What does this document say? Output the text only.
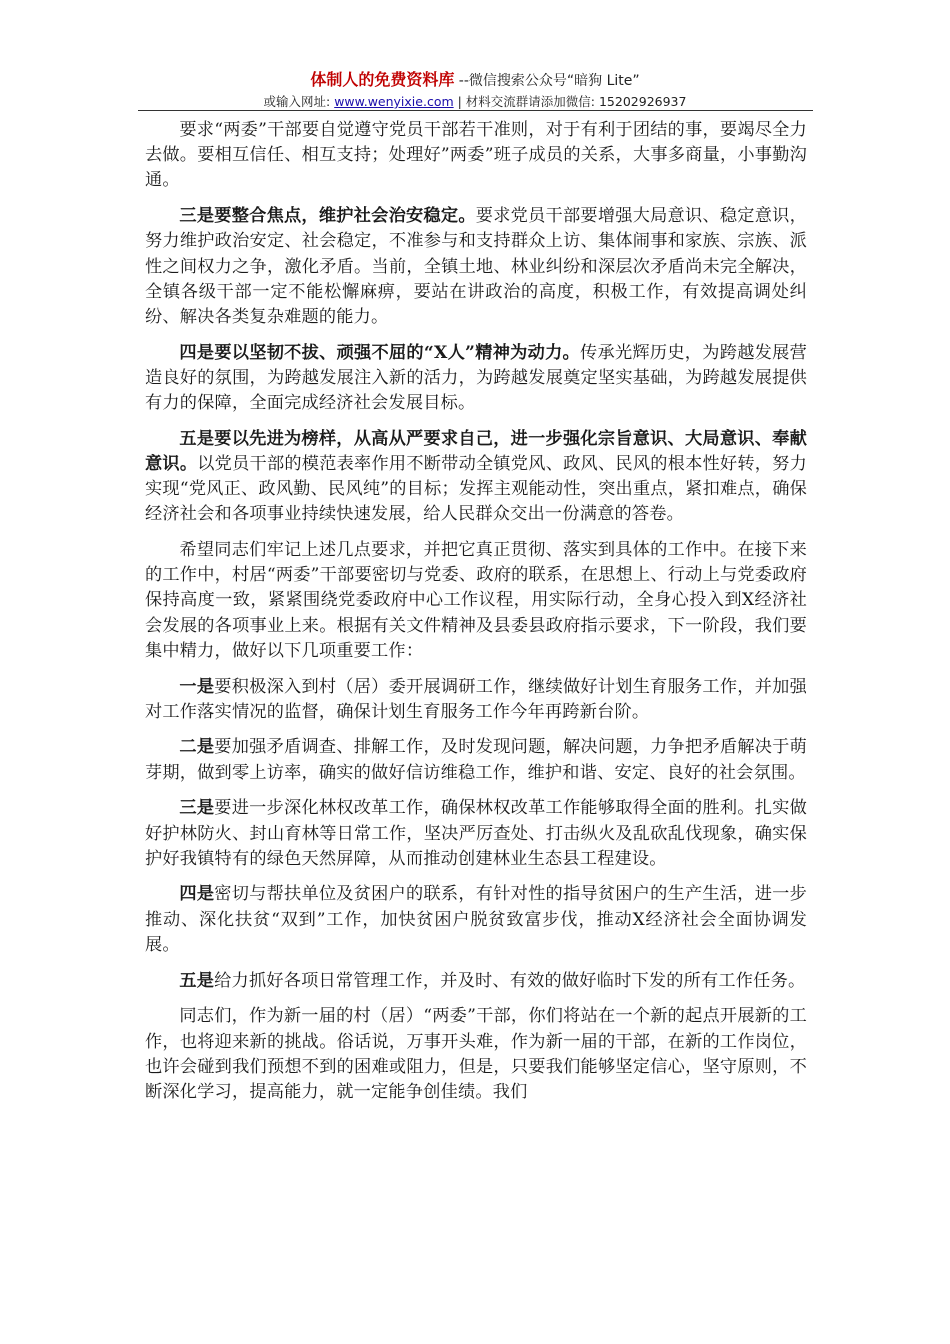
体制人的免费资料库 --微信搜索公众号“暗狗 Lite”
或输入网址: www.wenyixie.com | 材料交流群请添加微信: 15202926937

要求“两委”干部要自觉遵守党员干部若干准则，对于有利于团结的事，要竭尽全力去做。要相互信任、相互支持；处理好”两委”班子成员的关系，大事多商量，小事勤沟通。

三是要整合焦点，维护社会治安稳定。要求党员干部要增强大局意识、稳定意识，努力维护政治安定、社会稳定，不准参与和支持群众上访、集体闹事和家族、宗族、派性之间权力之争，激化矛盾。当前，全镇土地、林业纠纷和深层次矛盾尚未完全解决，全镇各级干部一定不能松懈麻痹，要站在讲政治的高度，积极工作，有效提高调处纠纷、解决各类复杂难题的能力。

四是要以坚韧不拔、顽强不屈的“X人”精神为动力。传承光辉历史，为跨越发展营造良好的氛围，为跨越发展注入新的活力，为跨越发展奠定坚实基础，为跨越发展提供有力的保障，全面完成经济社会发展目标。

五是要以先进为榜样，从高从严要求自己，进一步强化宗旨意识、大局意识、奉献意识。以党员干部的模范表率作用不断带动全镇党风、政风、民风的根本性好转，努力实现“党风正、政风勤、民风纯”的目标；发挥主观能动性，突出重点，紧扣难点，确保经济社会和各项事业持续快速发展，给人民群众交出一份满意的答卷。

希望同志们牢记上述几点要求，并把它真正贯彻、落实到具体的工作中。在接下来的工作中，村居“两委”干部要密切与党委、政府的联系，在思想上、行动上与党委政府保持高度一致，紧紧围绕党委政府中心工作议程，用实际行动，全身心投入到X经济社会发展的各项事业上来。根据有关文件精神及县委县政府指示要求，下一阶段，我们要集中精力，做好以下几项重要工作：

一是要积极深入到村（居）委开展调研工作，继续做好计划生育服务工作，并加强对工作落实情况的监督，确保计划生育服务工作今年再跨新台阶。

二是要加强矛盾调查、排解工作，及时发现问题，解决问题，力争把矛盾解决于萌芽期，做到零上访率，确实的做好信访维稳工作，维护和谐、安定、良好的社会氛围。

三是要进一步深化林权改革工作，确保林权改革工作能够取得全面的胜利。扎实做好护林防火、封山育林等日常工作，坚决严厉查处、打击纵火及乱砍乱伐现象，确实保护好我镇特有的绿色天然屏障，从而推动创建林业生态县工程建设。

四是密切与帮扶单位及贫困户的联系，有针对性的指导贫困户的生产生活，进一步推动、深化扶贫“双到”工作，加快贫困户脱贫致富步伐，推动X经济社会全面协调发展。

五是给力抓好各项日常管理工作，并及时、有效的做好临时下发的所有工作任务。

同志们，作为新一届的村（居）“两委”干部，你们将站在一个新的起点开展新的工作，也将迎来新的挑战。俗话说，万事开头难，作为新一届的干部，在新的工作岗位，也许会碰到我们预想不到的困难或阻力，但是，只要我们能够坚定信心，坚守原则，不断深化学习，提高能力，就一定能争创佳绩。我们
